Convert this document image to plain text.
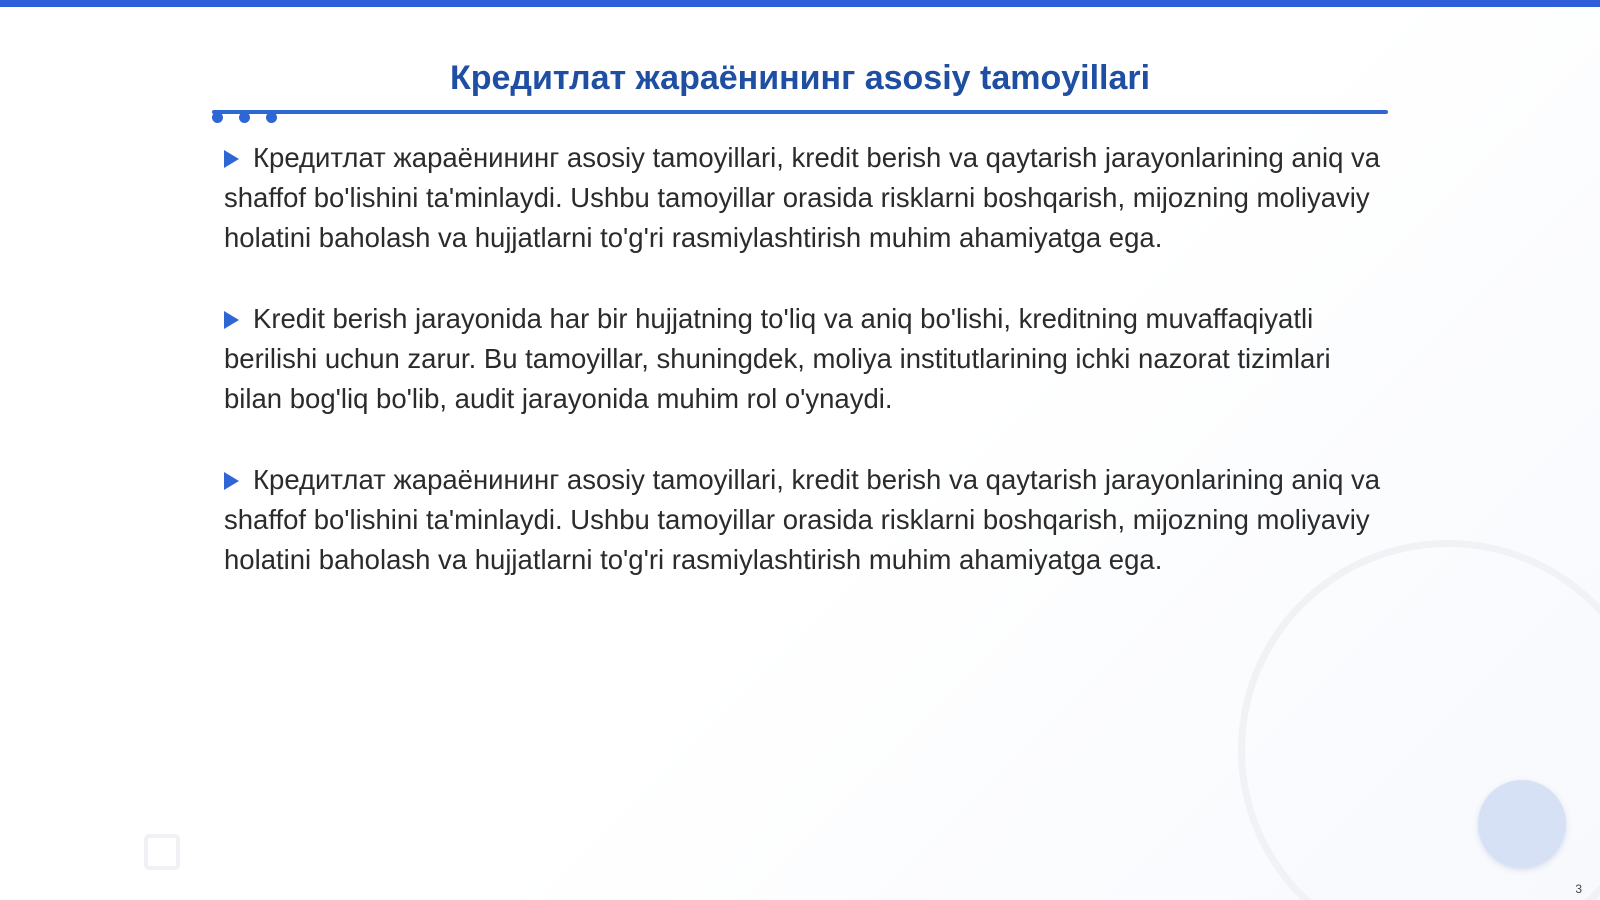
Кредитлат жараёнининг asosiy tamoyillari

Кредитлат жараёнининг asosiy tamoyillari, kredit berish va qaytarish jarayonlarining aniq va shaffof bo'lishini ta'minlaydi. Ushbu tamoyillar orasida risklarni boshqarish, mijozning moliyaviy holatini baholash va hujjatlarni to'g'ri rasmiylashtirish muhim ahamiyatga ega.

Kredit berish jarayonida har bir hujjatning to'liq va aniq bo'lishi, kreditning muvaffaqiyatli berilishi uchun zarur. Bu tamoyillar, shuningdek, moliya institutlarining ichki nazorat tizimlari bilan bog'liq bo'lib, audit jarayonida muhim rol o'ynaydi.

Кредитлат жараёнининг asosiy tamoyillari, kredit berish va qaytarish jarayonlarining aniq va shaffof bo'lishini ta'minlaydi. Ushbu tamoyillar orasida risklarni boshqarish, mijozning moliyaviy holatini baholash va hujjatlarni to'g'ri rasmiylashtirish muhim ahamiyatga ega.

3
